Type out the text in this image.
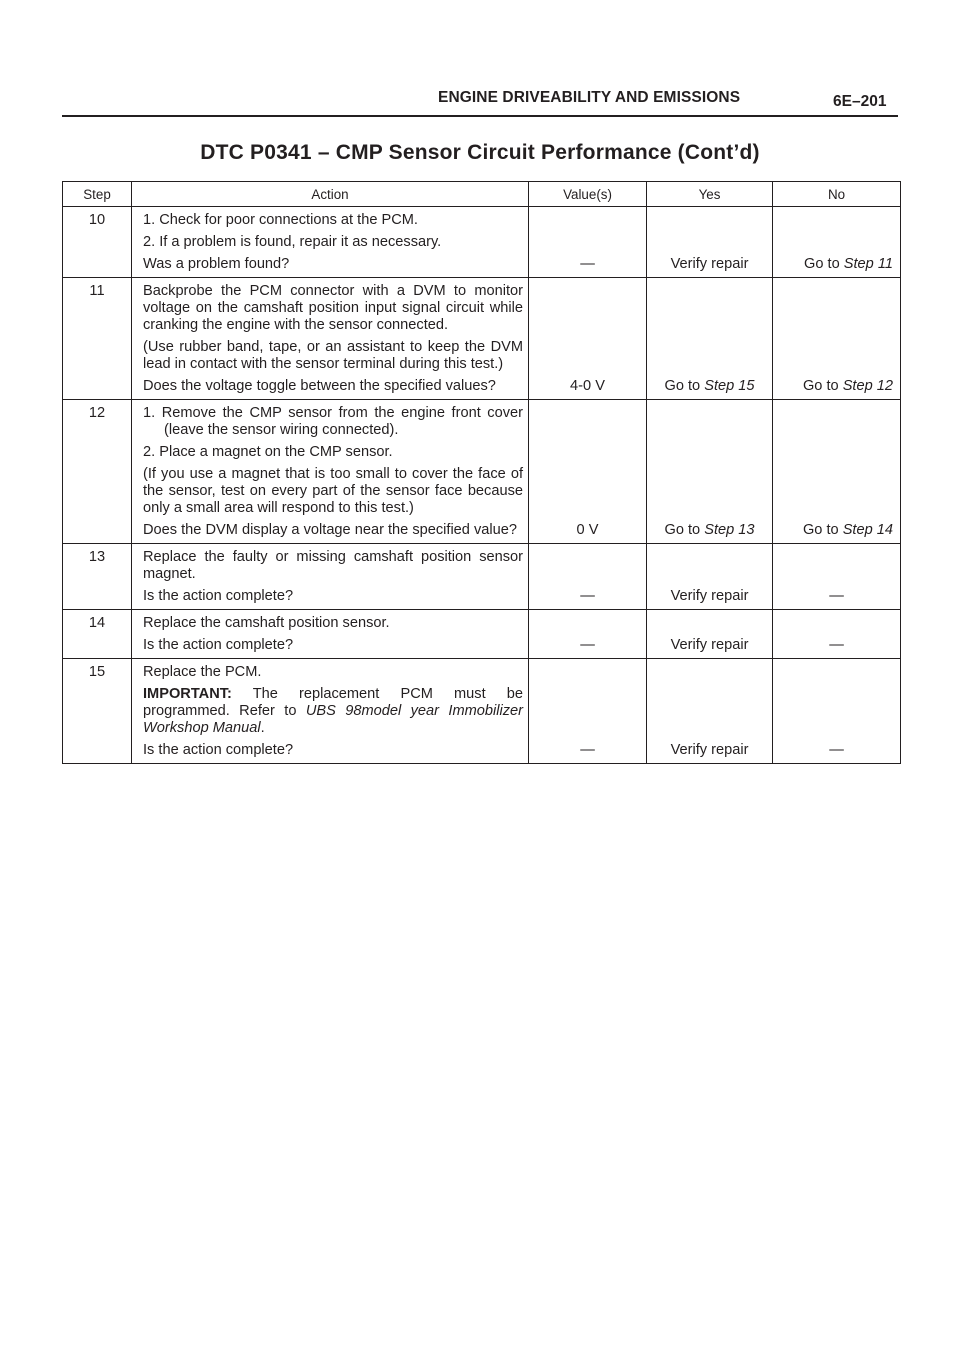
ENGINE DRIVEABILITY AND EMISSIONS	6E–201
DTC P0341 – CMP Sensor Circuit Performance (Cont’d)
Step	Action	Value(s)	Yes	No
10	1. Check for poor connections at the PCM.
2. If a problem is found, repair it as necessary.
Was a problem found?	—	Verify repair	Go to Step 11
11	Backprobe the PCM connector with a DVM to monitor voltage on the camshaft position input signal circuit while cranking the engine with the sensor connected.
(Use rubber band, tape, or an assistant to keep the DVM lead in contact with the sensor terminal during this test.)
Does the voltage toggle between the specified values?	4-0 V	Go to Step 15	Go to Step 12
12	1. Remove the CMP sensor from the engine front cover (leave the sensor wiring connected).
2. Place a magnet on the CMP sensor.
(If you use a magnet that is too small to cover the face of the sensor, test on every part of the sensor face because only a small area will respond to this test.)
Does the DVM display a voltage near the specified value?	0 V	Go to Step 13	Go to Step 14
13	Replace the faulty or missing camshaft position sensor magnet.
Is the action complete?	—	Verify repair	—
14	Replace the camshaft position sensor.
Is the action complete?	—	Verify repair	—
15	Replace the PCM.
IMPORTANT: The replacement PCM must be programmed. Refer to UBS 98model year Immobilizer Workshop Manual.
Is the action complete?	—	Verify repair	—
